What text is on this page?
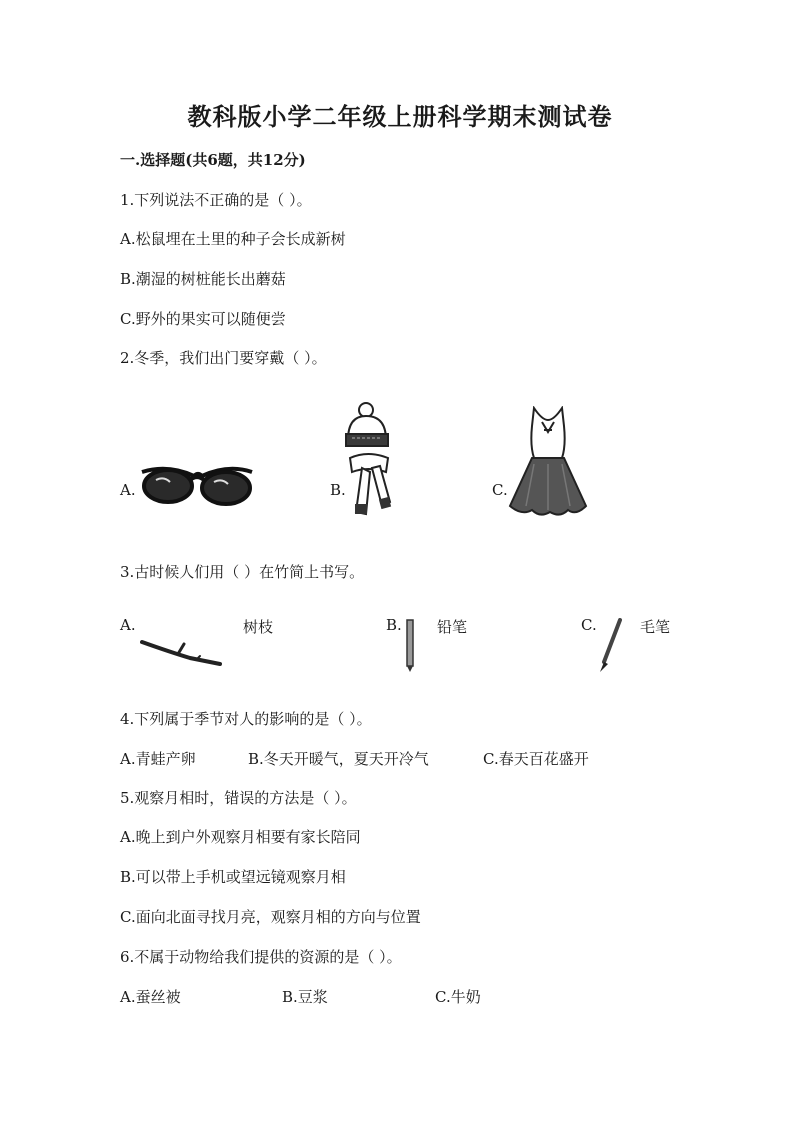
教科版小学二年级上册科学期末测试卷
一.选择题(共6题，共12分)
1.下列说法不正确的是（ ）。
A.松鼠埋在土里的种子会长成新树
B.潮湿的树桩能长出蘑菇
C.野外的果实可以随便尝
2.冬季，我们出门要穿戴（ ）。
A.	B.	C.
3.古时候人们用（ ）在竹简上书写。
A.	树枝	B. 铅笔	C.	毛笔
4.下列属于季节对人的影响的是（ ）。
A.青蛙产卵	B.冬天开暖气，夏天开冷气	C.春天百花盛开
5.观察月相时，错误的方法是（ ）。
A.晚上到户外观察月相要有家长陪同
B.可以带上手机或望远镜观察月相
C.面向北面寻找月亮，观察月相的方向与位置
6.不属于动物给我们提供的资源的是（ ）。
A.蚕丝被	B.豆浆	C.牛奶
